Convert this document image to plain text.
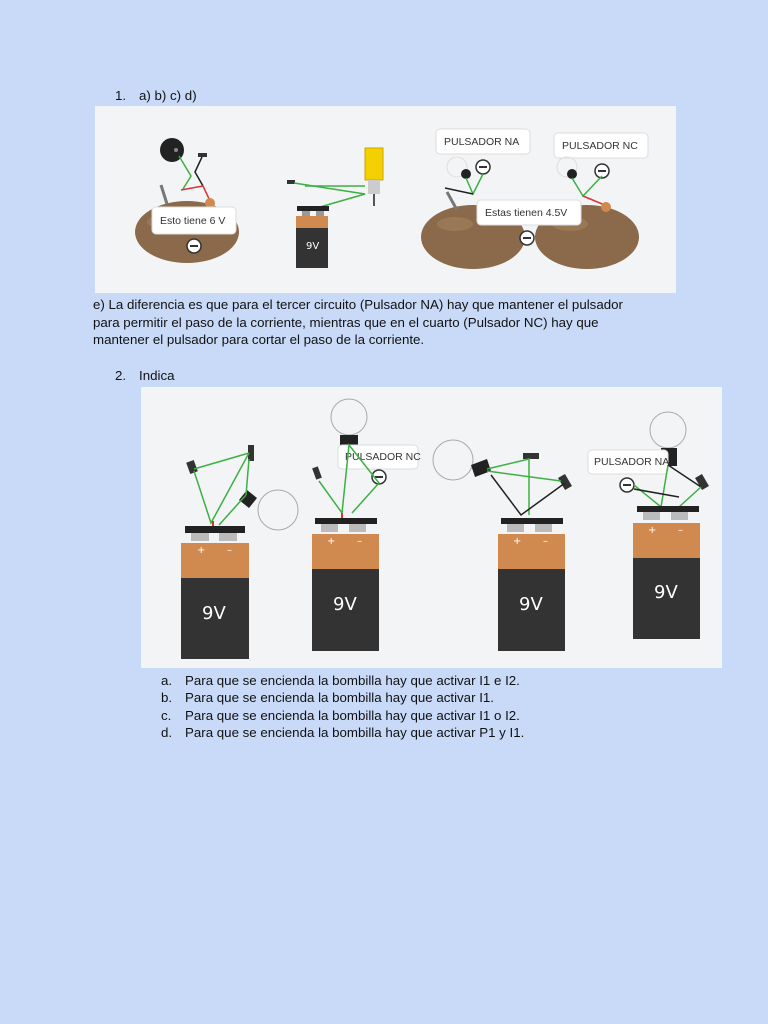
1. a) b) c) d)
Esto tiene 6 V
9V
PULSADOR NA	PULSADOR NC
Estas tienen 4.5V
e) La diferencia es que para el tercer circuito (Pulsador NA) hay que mantener el pulsador
para permitir el paso de la corriente, mientras que en el cuarto (Pulsador NC) hay que
mantener el pulsador para cortar el paso de la corriente.
2. Indica
+ –
9V
PULSADOR NC
+ –
9V
+ –
9V
PULSADOR NA
+ –
9V
a. Para que se encienda la bombilla hay que activar I1 e I2.
b. Para que se encienda la bombilla hay que activar I1.
c. Para que se encienda la bombilla hay que activar I1 o I2.
d. Para que se encienda la bombilla hay que activar P1 y I1.
